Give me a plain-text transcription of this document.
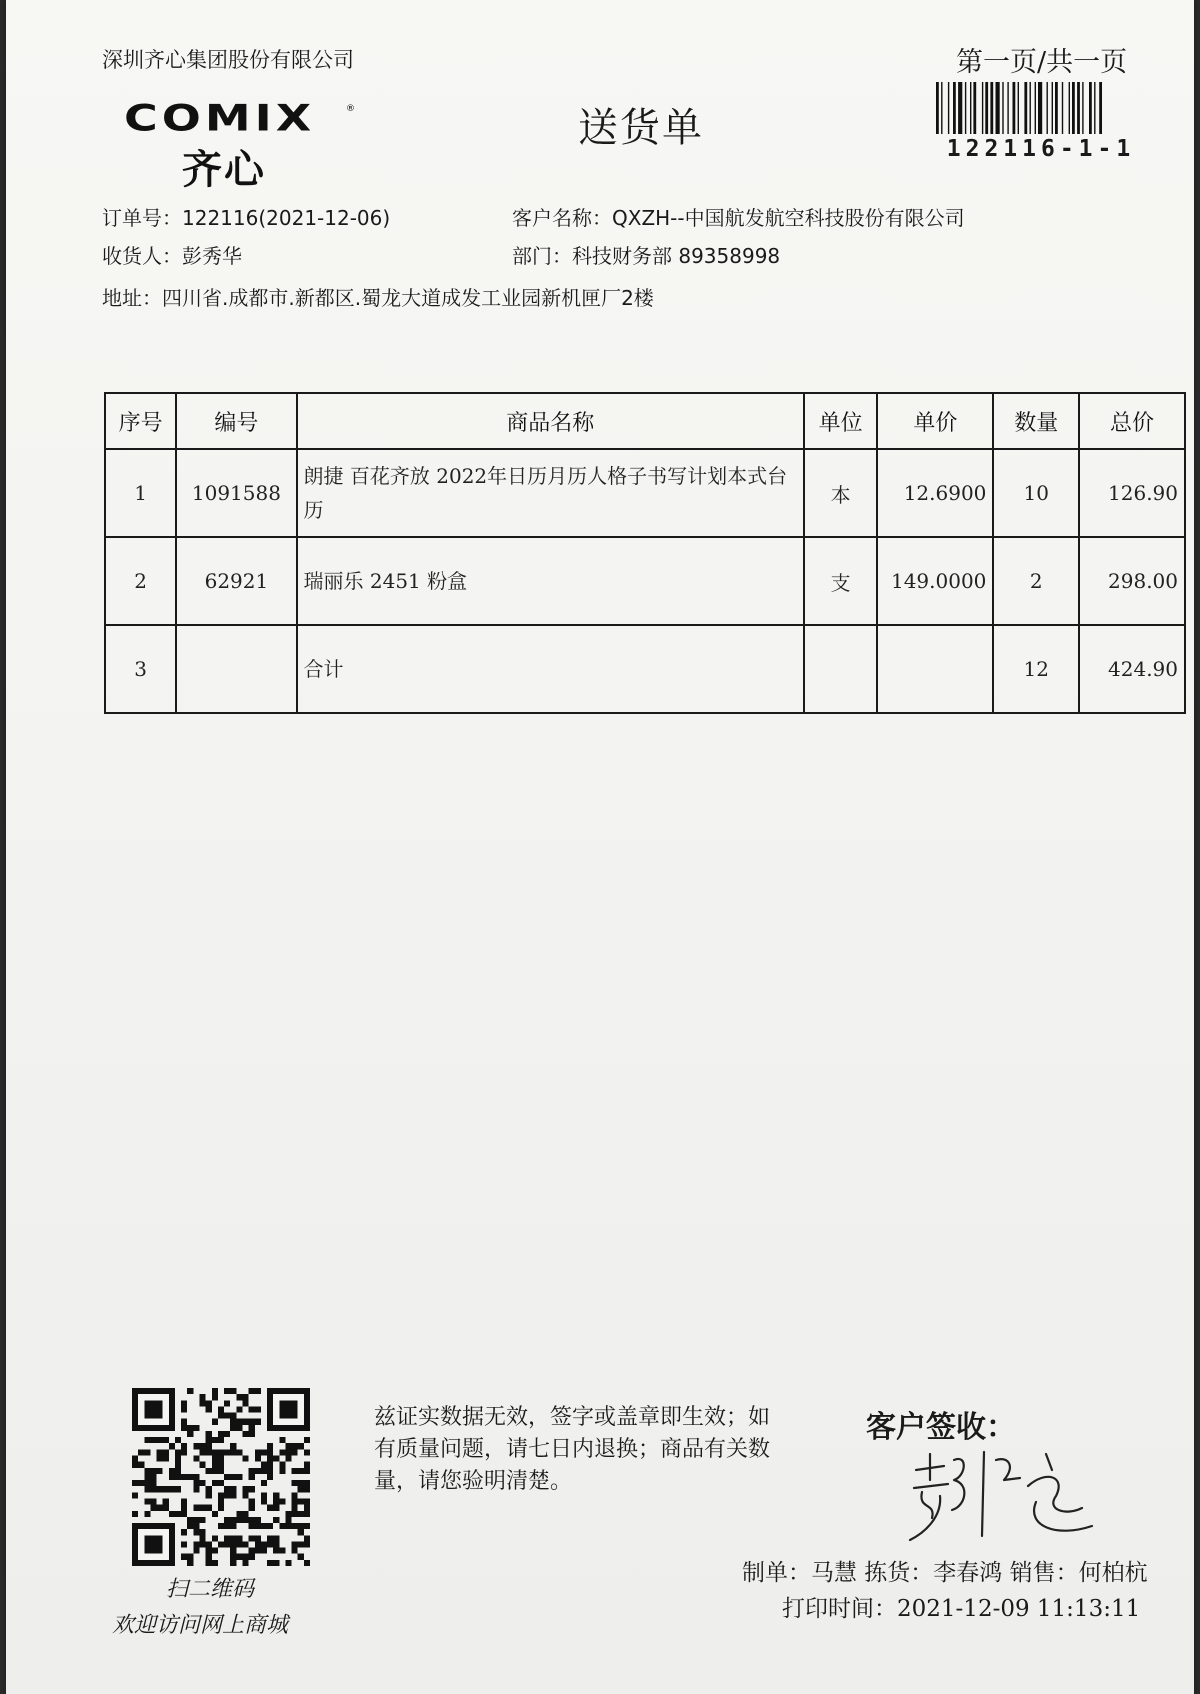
深圳齐心集团股份有限公司	第一页/共一页
122116-1-1
COMIX	®
齐心
送货单
订单号：122116(2021-12-06)	客户名称：QXZH--中国航发航空科技股份有限公司
收货人：彭秀华	部门：科技财务部 89358998
地址：四川省.成都市.新都区.蜀龙大道成发工业园新机匣厂2楼
序号	编号	商品名称	单位	单价	数量	总价
1	1091588	朗捷 百花齐放 2022年日历月历人格子书写计划本式台历	本	12.6900	10	126.90
2	62921	瑞丽乐 2451 粉盒	支	149.0000	2	298.00
3		合计			12	424.90
扫二维码
欢迎访问网上商城
兹证实数据无效，签字或盖章即生效；如有质量问题，请七日内退换；商品有关数量，请您验明清楚。
客户签收：
制单：马慧 拣货：李春鸿 销售：何柏杭
打印时间：2021-12-09 11:13:11
